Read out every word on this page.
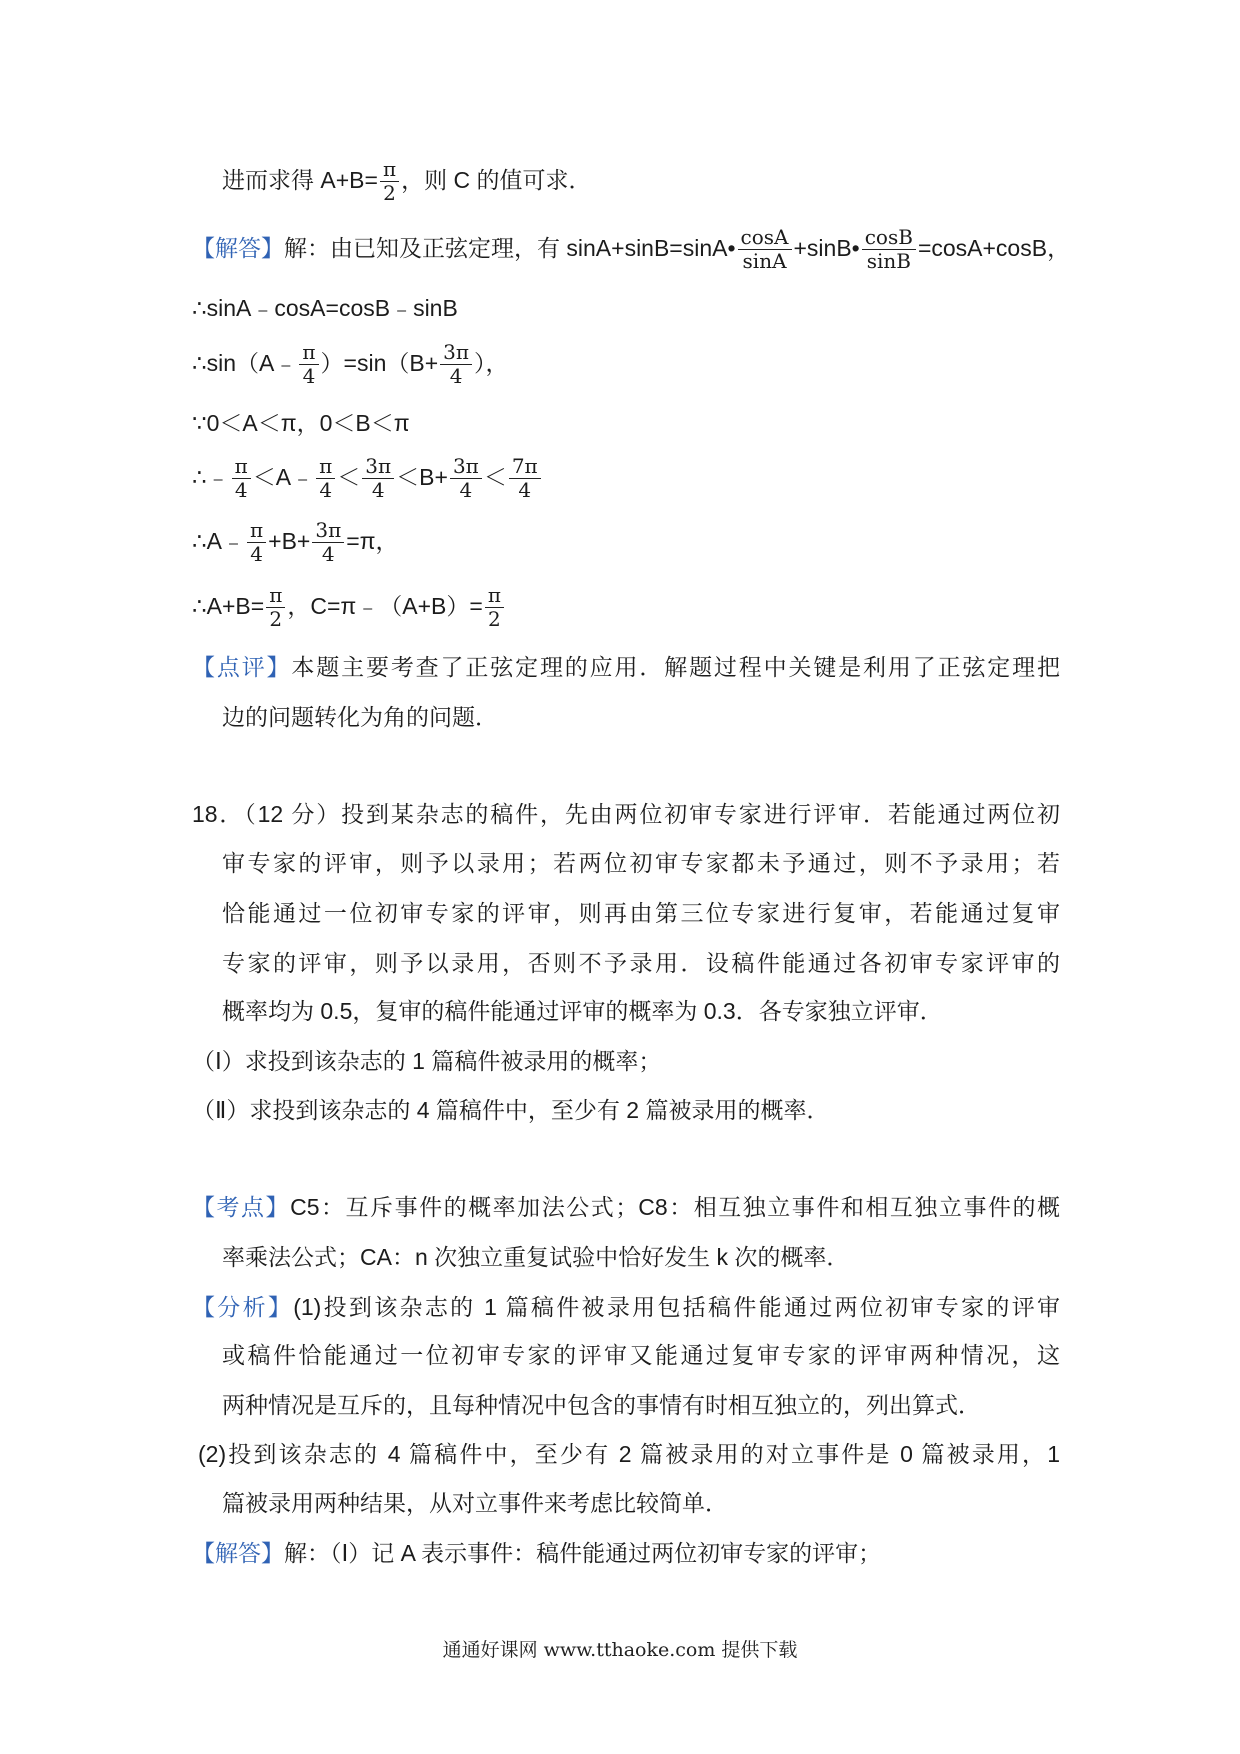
进而求得 $A+B= \frac{\pi}{2}$ ，则 C 的值可求．
【解答】解：由已知及正弦定理，有 sinA+sinB=sinA• $\frac{\cos A}{\sin A}$ +sinB• $\frac{\cos B}{\sin B} =\cos A+\cos B$，
∴sinA﹣cosA=cosB﹣sinB
∴sin（A﹣ $\frac{\pi}{4} )=\sin(B+ \frac{3\pi}{4}$ ），
∵0＜A＜π，0＜B＜π
∴﹣ $\frac{\pi}{4}$ ＜A﹣ $\frac{\pi}{4} < \frac{3\pi}{4} <B+ \frac{3\pi}{4} < \frac{7\pi}{4}$
∴A﹣ $\frac{\pi}{4} +B+ \frac{3\pi}{4} =\pi$，
∴A+B= $\frac{\pi}{2}$ ，C=π﹣（A+B）= $\frac{\pi}{2}$
【点评】本题主要考查了正弦定理的应用．解题过程中关键是利用了正弦定理把
边的问题转化为角的问题．
18．（12 分）投到某杂志的稿件，先由两位初审专家进行评审．若能通过两位初
审专家的评审，则予以录用；若两位初审专家都未予通过，则不予录用；若
恰能通过一位初审专家的评审，则再由第三位专家进行复审，若能通过复审
专家的评审，则予以录用，否则不予录用．设稿件能通过各初审专家评审的
概率均为 0.5，复审的稿件能通过评审的概率为 0.3．各专家独立评审．
（Ⅰ）求投到该杂志的 1 篇稿件被录用的概率；
（Ⅱ）求投到该杂志的 4 篇稿件中，至少有 2 篇被录用的概率．
【考点】C5：互斥事件的概率加法公式；C8：相互独立事件和相互独立事件的概
率乘法公式；CA：n 次独立重复试验中恰好发生 k 次的概率．
【分析】(1)投到该杂志的 1 篇稿件被录用包括稿件能通过两位初审专家的评审
或稿件恰能通过一位初审专家的评审又能通过复审专家的评审两种情况，这
两种情况是互斥的，且每种情况中包含的事情有时相互独立的，列出算式．
(2)投到该杂志的 4 篇稿件中，至少有 2 篇被录用的对立事件是 0 篇被录用，1
篇被录用两种结果，从对立事件来考虑比较简单．
【解答】解：（Ⅰ）记 A 表示事件：稿件能通过两位初审专家的评审；
通通好课网 www.tthaoke.com 提供下载
